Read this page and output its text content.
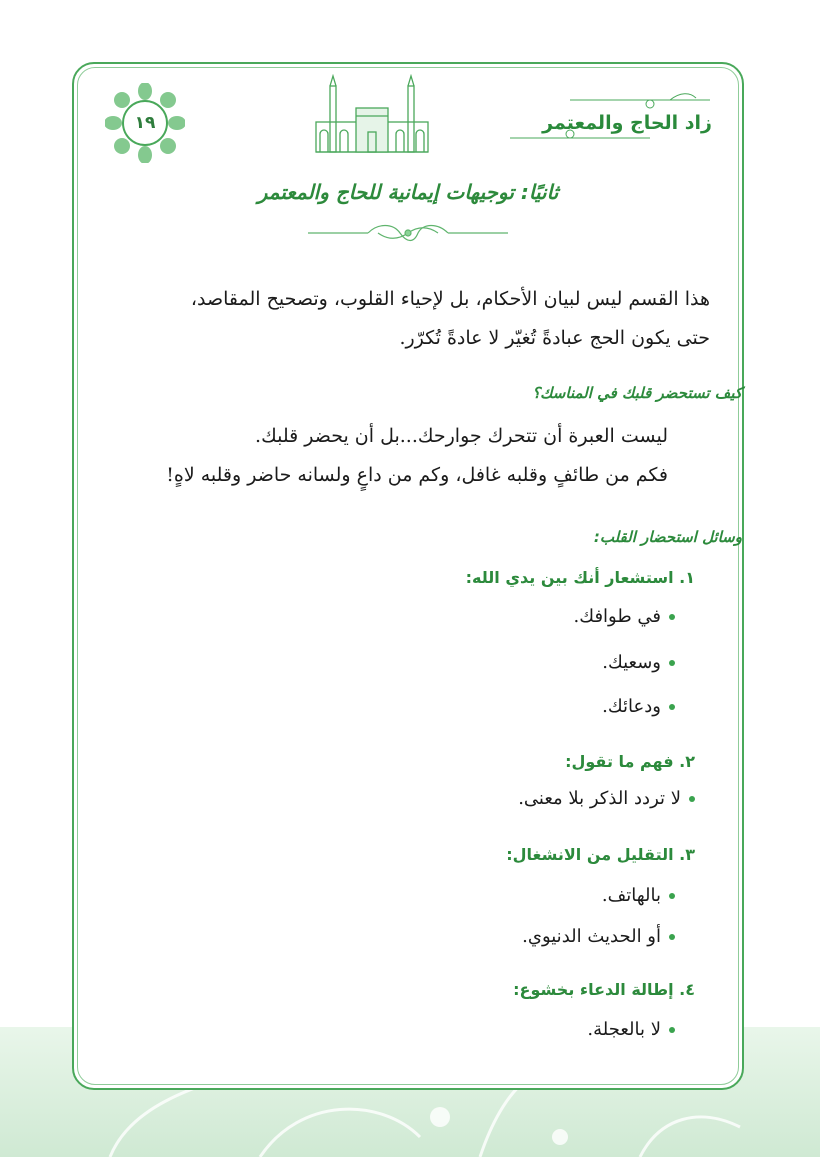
١٩	زاد الحاج والمعتمر
ثانيًا: توجيهات إيمانية للحاج والمعتمر
هذا القسم ليس لبيان الأحكام، بل لإحياء القلوب، وتصحيح المقاصد،
حتى يكون الحج عبادةً تُغيّر لا عادةً تُكرّر.
كيف تستحضر قلبك في المناسك؟
ليست العبرة أن تتحرك جوارحك...بل أن يحضر قلبك.
فكم من طائفٍ وقلبه غافل، وكم من داعٍ ولسانه حاضر وقلبه لاهٍ!
وسائل استحضار القلب:
١. استشعار أنك بين يدي الله:
في طوافك.
وسعيك.
ودعائك.
٢. فهم ما تقول:
لا تردد الذكر بلا معنى.
٣. التقليل من الانشغال:
بالهاتف.
أو الحديث الدنيوي.
٤. إطالة الدعاء بخشوع:
لا بالعجلة.
